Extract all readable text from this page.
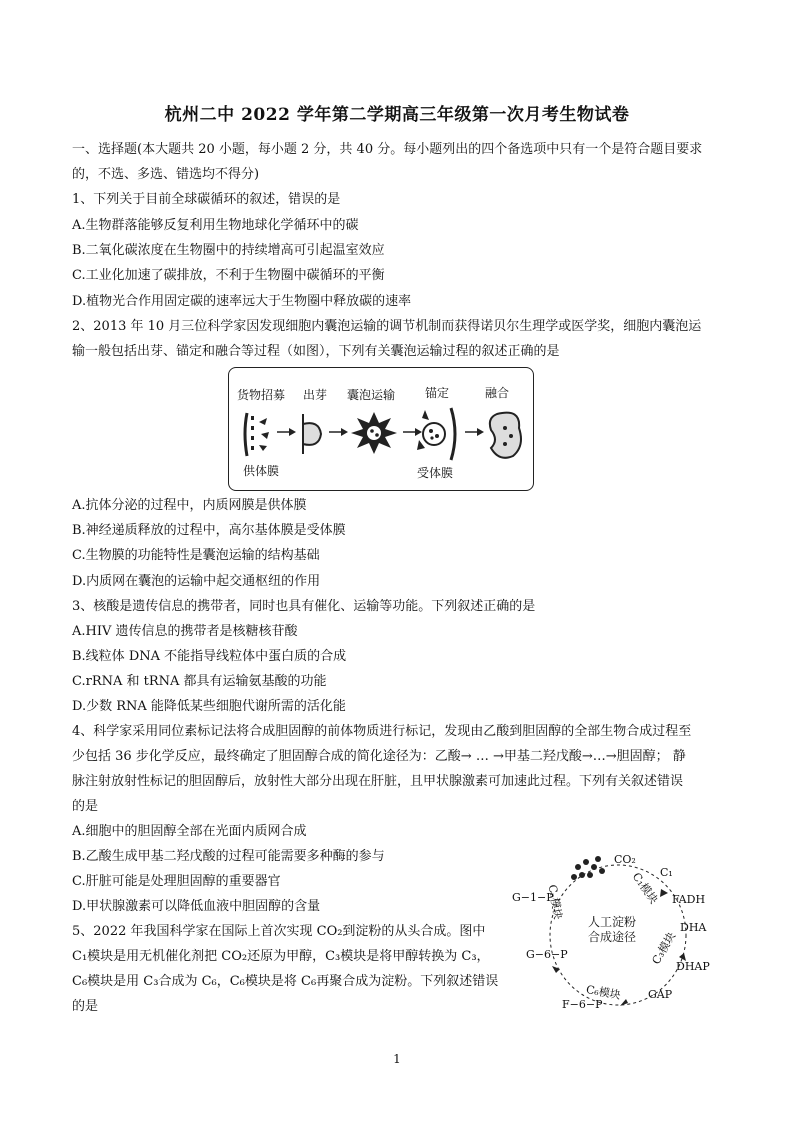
杭州二中 2022 学年第二学期高三年级第一次月考生物试卷
一、选择题(本大题共 20 小题，每小题 2 分，共 40 分。每小题列出的四个备选项中只有一个是符合题目要求
的，不选、多选、错选均不得分)
1、下列关于目前全球碳循环的叙述，错误的是
A.生物群落能够反复利用生物地球化学循环中的碳
B.二氧化碳浓度在生物圈中的持续增高可引起温室效应
C.工业化加速了碳排放，不利于生物圈中碳循环的平衡
D.植物光合作用固定碳的速率远大于生物圈中释放碳的速率
2、2013 年 10 月三位科学家因发现细胞内囊泡运输的调节机制而获得诺贝尔生理学或医学奖，细胞内囊泡运
输一般包括出芽、锚定和融合等过程（如图），下列有关囊泡运输过程的叙述正确的是
货物招募 出芽 囊泡运输 锚定	融合
供体膜	受体膜
A.抗体分泌的过程中，内质网膜是供体膜
B.神经递质释放的过程中，高尔基体膜是受体膜
C.生物膜的功能特性是囊泡运输的结构基础
D.内质网在囊泡的运输中起交通枢纽的作用
3、核酸是遗传信息的携带者，同时也具有催化、运输等功能。下列叙述正确的是
A.HIV 遗传信息的携带者是核糖核苷酸
B.线粒体 DNA 不能指导线粒体中蛋白质的合成
C.rRNA 和 tRNA 都具有运输氨基酸的功能
D.少数 RNA 能降低某些细胞代谢所需的活化能
4、科学家采用同位素标记法将合成胆固醇的前体物质进行标记，发现由乙酸到胆固醇的全部生物合成过程至
少包括 36 步化学反应，最终确定了胆固醇合成的简化途径为：乙酸→ … →甲基二羟戊酸→…→胆固醇； 静
脉注射放射性标记的胆固醇后，放射性大部分出现在肝脏，且甲状腺激素可加速此过程。下列有关叙述错误
的是
A.细胞中的胆固醇全部在光面内质网合成
B.乙酸生成甲基二羟戊酸的过程可能需要多种酶的参与
C.肝脏可能是处理胆固醇的重要器官
D.甲状腺激素可以降低血液中胆固醇的含量
5、2022 年我国科学家在国际上首次实现 CO₂到淀粉的从头合成。图中
C₁模块是用无机催化剂把 CO₂还原为甲醇，C₃模块是将甲醇转换为 C₃，
C₆模块是用 C₃合成为 C₆，C₆模块是将 C₆再聚合成为淀粉。下列叙述错误
的是
人工淀粉
合成途径
CO₂
C₁
FADH
DHA
DHAP
GAP
F−6−P
G−6−P
G−1−P	C₁模块
C₃模块
C₆模块
Cₙ模块
1
